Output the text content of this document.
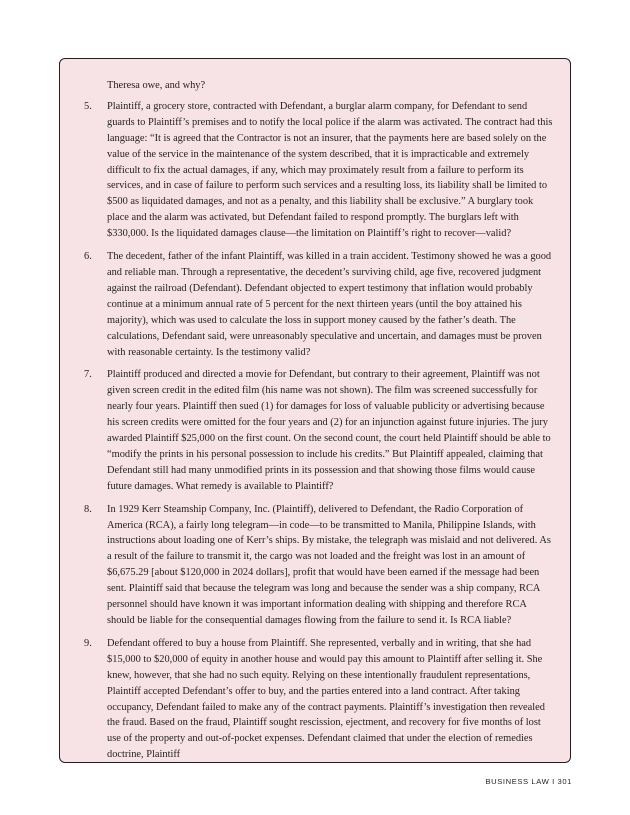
Theresa owe, and why?

5. Plaintiff, a grocery store, contracted with Defendant, a burglar alarm company, for Defendant to send guards to Plaintiff’s premises and to notify the local police if the alarm was activated. The contract had this language: “It is agreed that the Contractor is not an insurer, that the payments here are based solely on the value of the service in the maintenance of the system described, that it is impracticable and extremely difficult to fix the actual damages, if any, which may proximately result from a failure to perform its services, and in case of failure to perform such services and a resulting loss, its liability shall be limited to $500 as liquidated damages, and not as a penalty, and this liability shall be exclusive.” A burglary took place and the alarm was activated, but Defendant failed to respond promptly. The burglars left with $330,000. Is the liquidated damages clause—the limitation on Plaintiff’s right to recover—valid?
6. The decedent, father of the infant Plaintiff, was killed in a train accident. Testimony showed he was a good and reliable man. Through a representative, the decedent’s surviving child, age five, recovered judgment against the railroad (Defendant). Defendant objected to expert testimony that inflation would probably continue at a minimum annual rate of 5 percent for the next thirteen years (until the boy attained his majority), which was used to calculate the loss in support money caused by the father’s death. The calculations, Defendant said, were unreasonably speculative and uncertain, and damages must be proven with reasonable certainty. Is the testimony valid?
7. Plaintiff produced and directed a movie for Defendant, but contrary to their agreement, Plaintiff was not given screen credit in the edited film (his name was not shown). The film was screened successfully for nearly four years. Plaintiff then sued (1) for damages for loss of valuable publicity or advertising because his screen credits were omitted for the four years and (2) for an injunction against future injuries. The jury awarded Plaintiff $25,000 on the first count. On the second count, the court held Plaintiff should be able to “modify the prints in his personal possession to include his credits.” But Plaintiff appealed, claiming that Defendant still had many unmodified prints in its possession and that showing those films would cause future damages. What remedy is available to Plaintiff?
8. In 1929 Kerr Steamship Company, Inc. (Plaintiff), delivered to Defendant, the Radio Corporation of America (RCA), a fairly long telegram—in code—to be transmitted to Manila, Philippine Islands, with instructions about loading one of Kerr’s ships. By mistake, the telegraph was mislaid and not delivered. As a result of the failure to transmit it, the cargo was not loaded and the freight was lost in an amount of $6,675.29 [about $120,000 in 2024 dollars], profit that would have been earned if the message had been sent. Plaintiff said that because the telegram was long and because the sender was a ship company, RCA personnel should have known it was important information dealing with shipping and therefore RCA should be liable for the consequential damages flowing from the failure to send it. Is RCA liable?
9. Defendant offered to buy a house from Plaintiff. She represented, verbally and in writing, that she had $15,000 to $20,000 of equity in another house and would pay this amount to Plaintiff after selling it. She knew, however, that she had no such equity. Relying on these intentionally fraudulent representations, Plaintiff accepted Defendant’s offer to buy, and the parties entered into a land contract. After taking occupancy, Defendant failed to make any of the contract payments. Plaintiff’s investigation then revealed the fraud. Based on the fraud, Plaintiff sought rescission, ejectment, and recovery for five months of lost use of the property and out-of-pocket expenses. Defendant claimed that under the election of remedies doctrine, Plaintiff
BUSINESS LAW I 301
